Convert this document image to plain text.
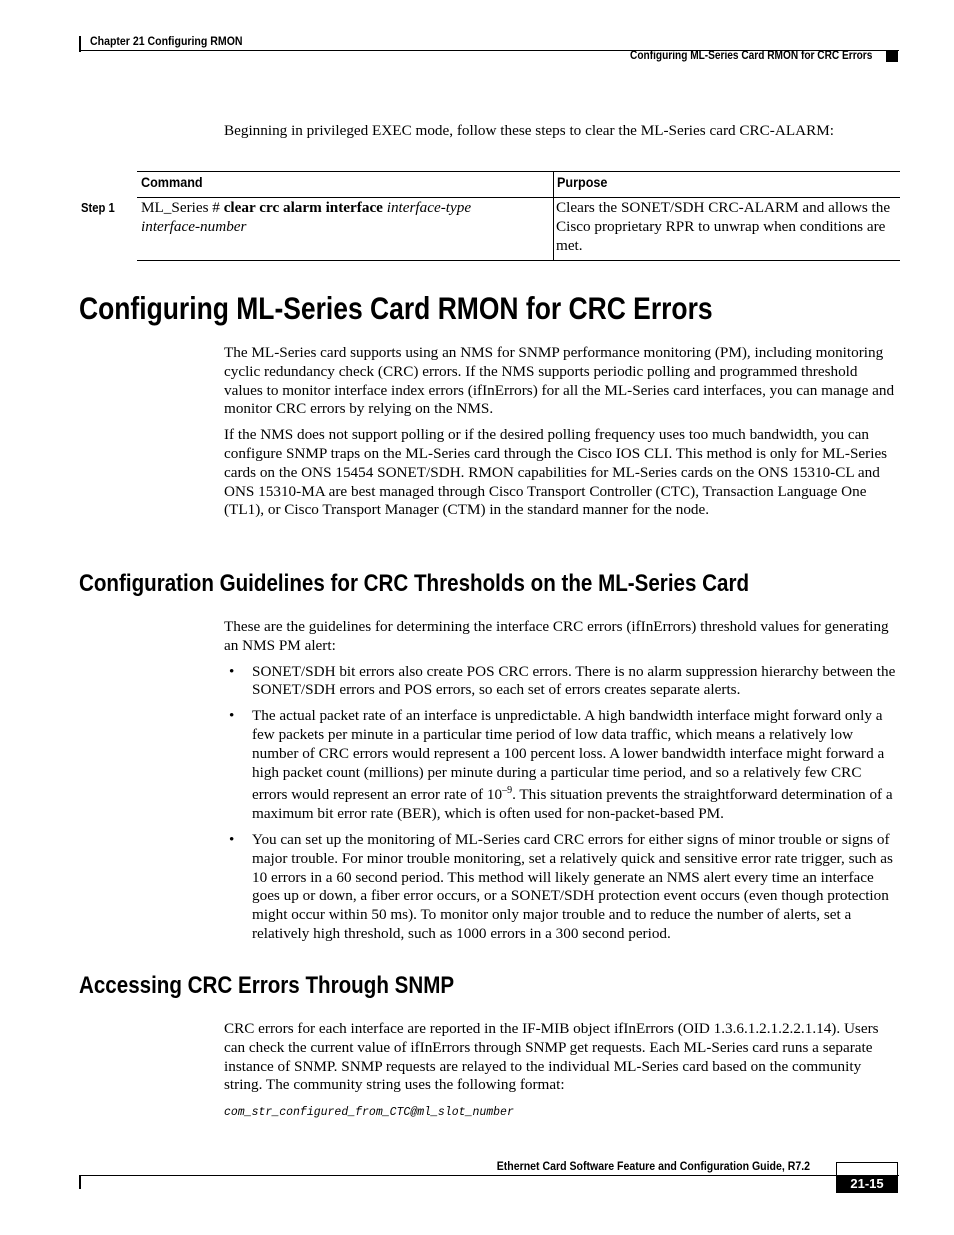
Chapter 21 Configuring RMON
Configuring ML-Series Card RMON for CRC Errors

Beginning in privileged EXEC mode, follow these steps to clear the ML-Series card CRC-ALARM:

Command	Purpose
Step 1 ML_Series # clear crc alarm interface interface-type
interface-number
Clears the SONET/SDH CRC-ALARM and allows the Cisco proprietary RPR to unwrap when conditions are met.
Configuring ML-Series Card RMON for CRC Errors

The ML-Series card supports using an NMS for SNMP performance monitoring (PM), including monitoring cyclic redundancy check (CRC) errors. If the NMS supports periodic polling and programmed threshold values to monitor interface index errors (ifInErrors) for all the ML-Series card interfaces, you can manage and monitor CRC errors by relying on the NMS.

If the NMS does not support polling or if the desired polling frequency uses too much bandwidth, you can configure SNMP traps on the ML-Series card through the Cisco IOS CLI. This method is only for ML-Series cards on the ONS 15454 SONET/SDH. RMON capabilities for ML-Series cards on the ONS 15310-CL and ONS 15310-MA are best managed through Cisco Transport Controller (CTC), Transaction Language One (TL1), or Cisco Transport Manager (CTM) in the standard manner for the node.

Configuration Guidelines for CRC Thresholds on the ML-Series Card

These are the guidelines for determining the interface CRC errors (ifInErrors) threshold values for generating an NMS PM alert:

• SONET/SDH bit errors also create POS CRC errors. There is no alarm suppression hierarchy between the SONET/SDH errors and POS errors, so each set of errors creates separate alerts.
• The actual packet rate of an interface is unpredictable. A high bandwidth interface might forward only a few packets per minute in a particular time period of low data traffic, which means a relatively low number of CRC errors would represent a 100 percent loss. A lower bandwidth interface might forward a high packet count (millions) per minute during a particular time period, and so a relatively few CRC errors would represent an error rate of $10^{-9}$. This situation prevents the straightforward determination of a maximum bit error rate (BER), which is often used for non-packet-based PM.
• You can set up the monitoring of ML-Series card CRC errors for either signs of minor trouble or signs of major trouble. For minor trouble monitoring, set a relatively quick and sensitive error rate trigger, such as 10 errors in a 60 second period. This method will likely generate an NMS alert every time an interface goes up or down, a fiber error occurs, or a SONET/SDH protection event occurs (even though protection might occur within 50 ms). To monitor only major trouble and to reduce the number of alerts, set a relatively high threshold, such as 1000 errors in a 300 second period.
Accessing CRC Errors Through SNMP

CRC errors for each interface are reported in the IF-MIB object ifInErrors (OID 1.3.6.1.2.1.2.2.1.14). Users can check the current value of ifInErrors through SNMP get requests. Each ML-Series card runs a separate instance of SNMP. SNMP requests are relayed to the individual ML-Series card based on the community string. The community string uses the following format:

com_str_configured_from_CTC@ml_slot_number

Ethernet Card Software Feature and Configuration Guide, R7.2
21-15
